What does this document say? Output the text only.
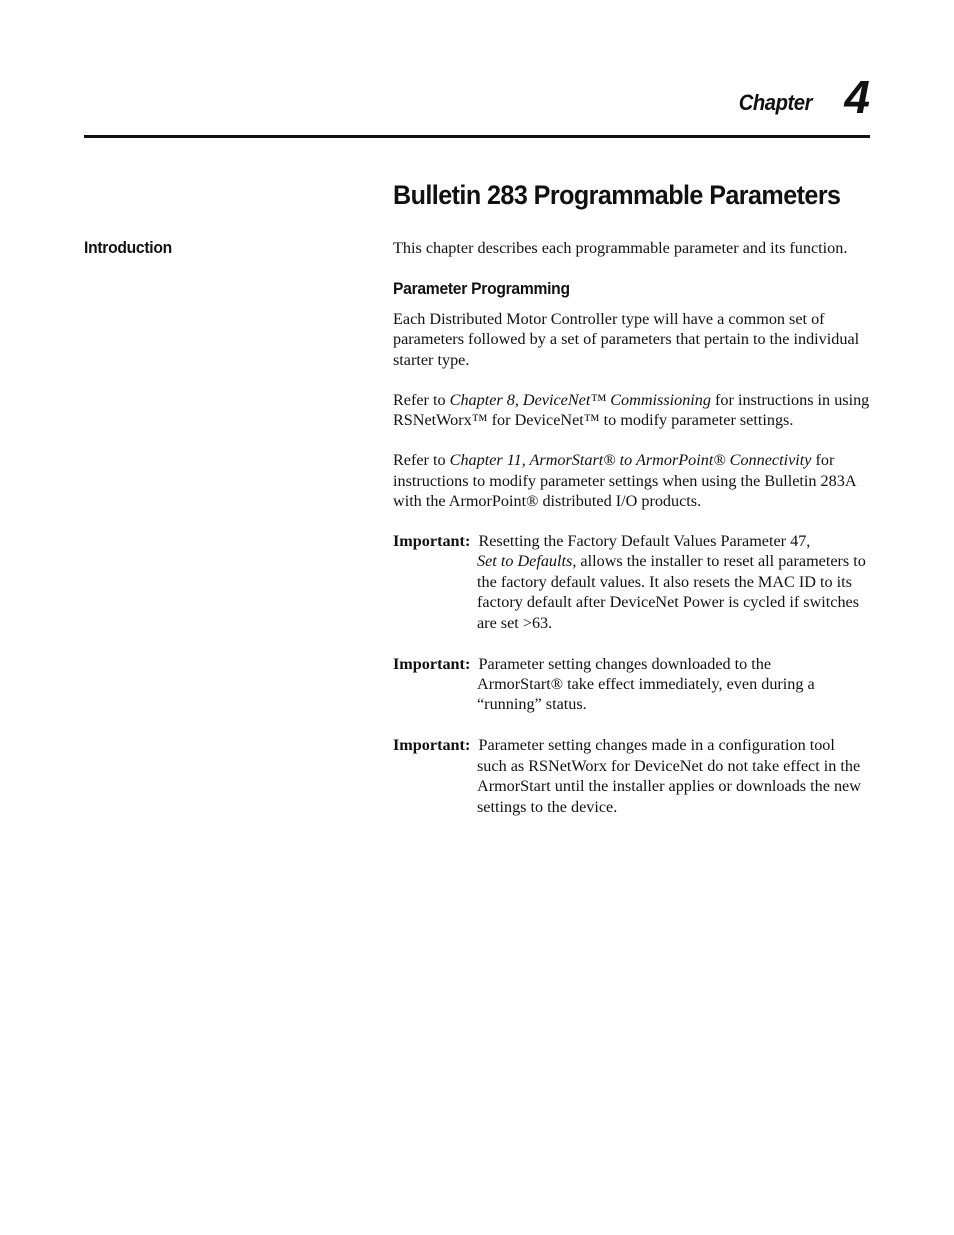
Chapter 4
Bulletin 283 Programmable Parameters
Introduction	This chapter describes each programmable parameter and its function.

Parameter Programming

Each Distributed Motor Controller type will have a common set of parameters followed by a set of parameters that pertain to the individual starter type.

Refer to Chapter 8, DeviceNet™ Commissioning for instructions in using RSNetWorx™ for DeviceNet™ to modify parameter settings.

Refer to Chapter 11, ArmorStart® to ArmorPoint® Connectivity for instructions to modify parameter settings when using the Bulletin 283A with the ArmorPoint® distributed I/O products.

Important: Resetting the Factory Default Values Parameter 47,
Set to Defaults, allows the installer to reset all parameters to the factory default values. It also resets the MAC ID to its factory default after DeviceNet Power is cycled if switches are set >63.
Important: Parameter setting changes downloaded to the
ArmorStart® take effect immediately, even during a “running” status.
Important: Parameter setting changes made in a configuration tool
such as RSNetWorx for DeviceNet do not take effect in the ArmorStart until the installer applies or downloads the new settings to the device.
